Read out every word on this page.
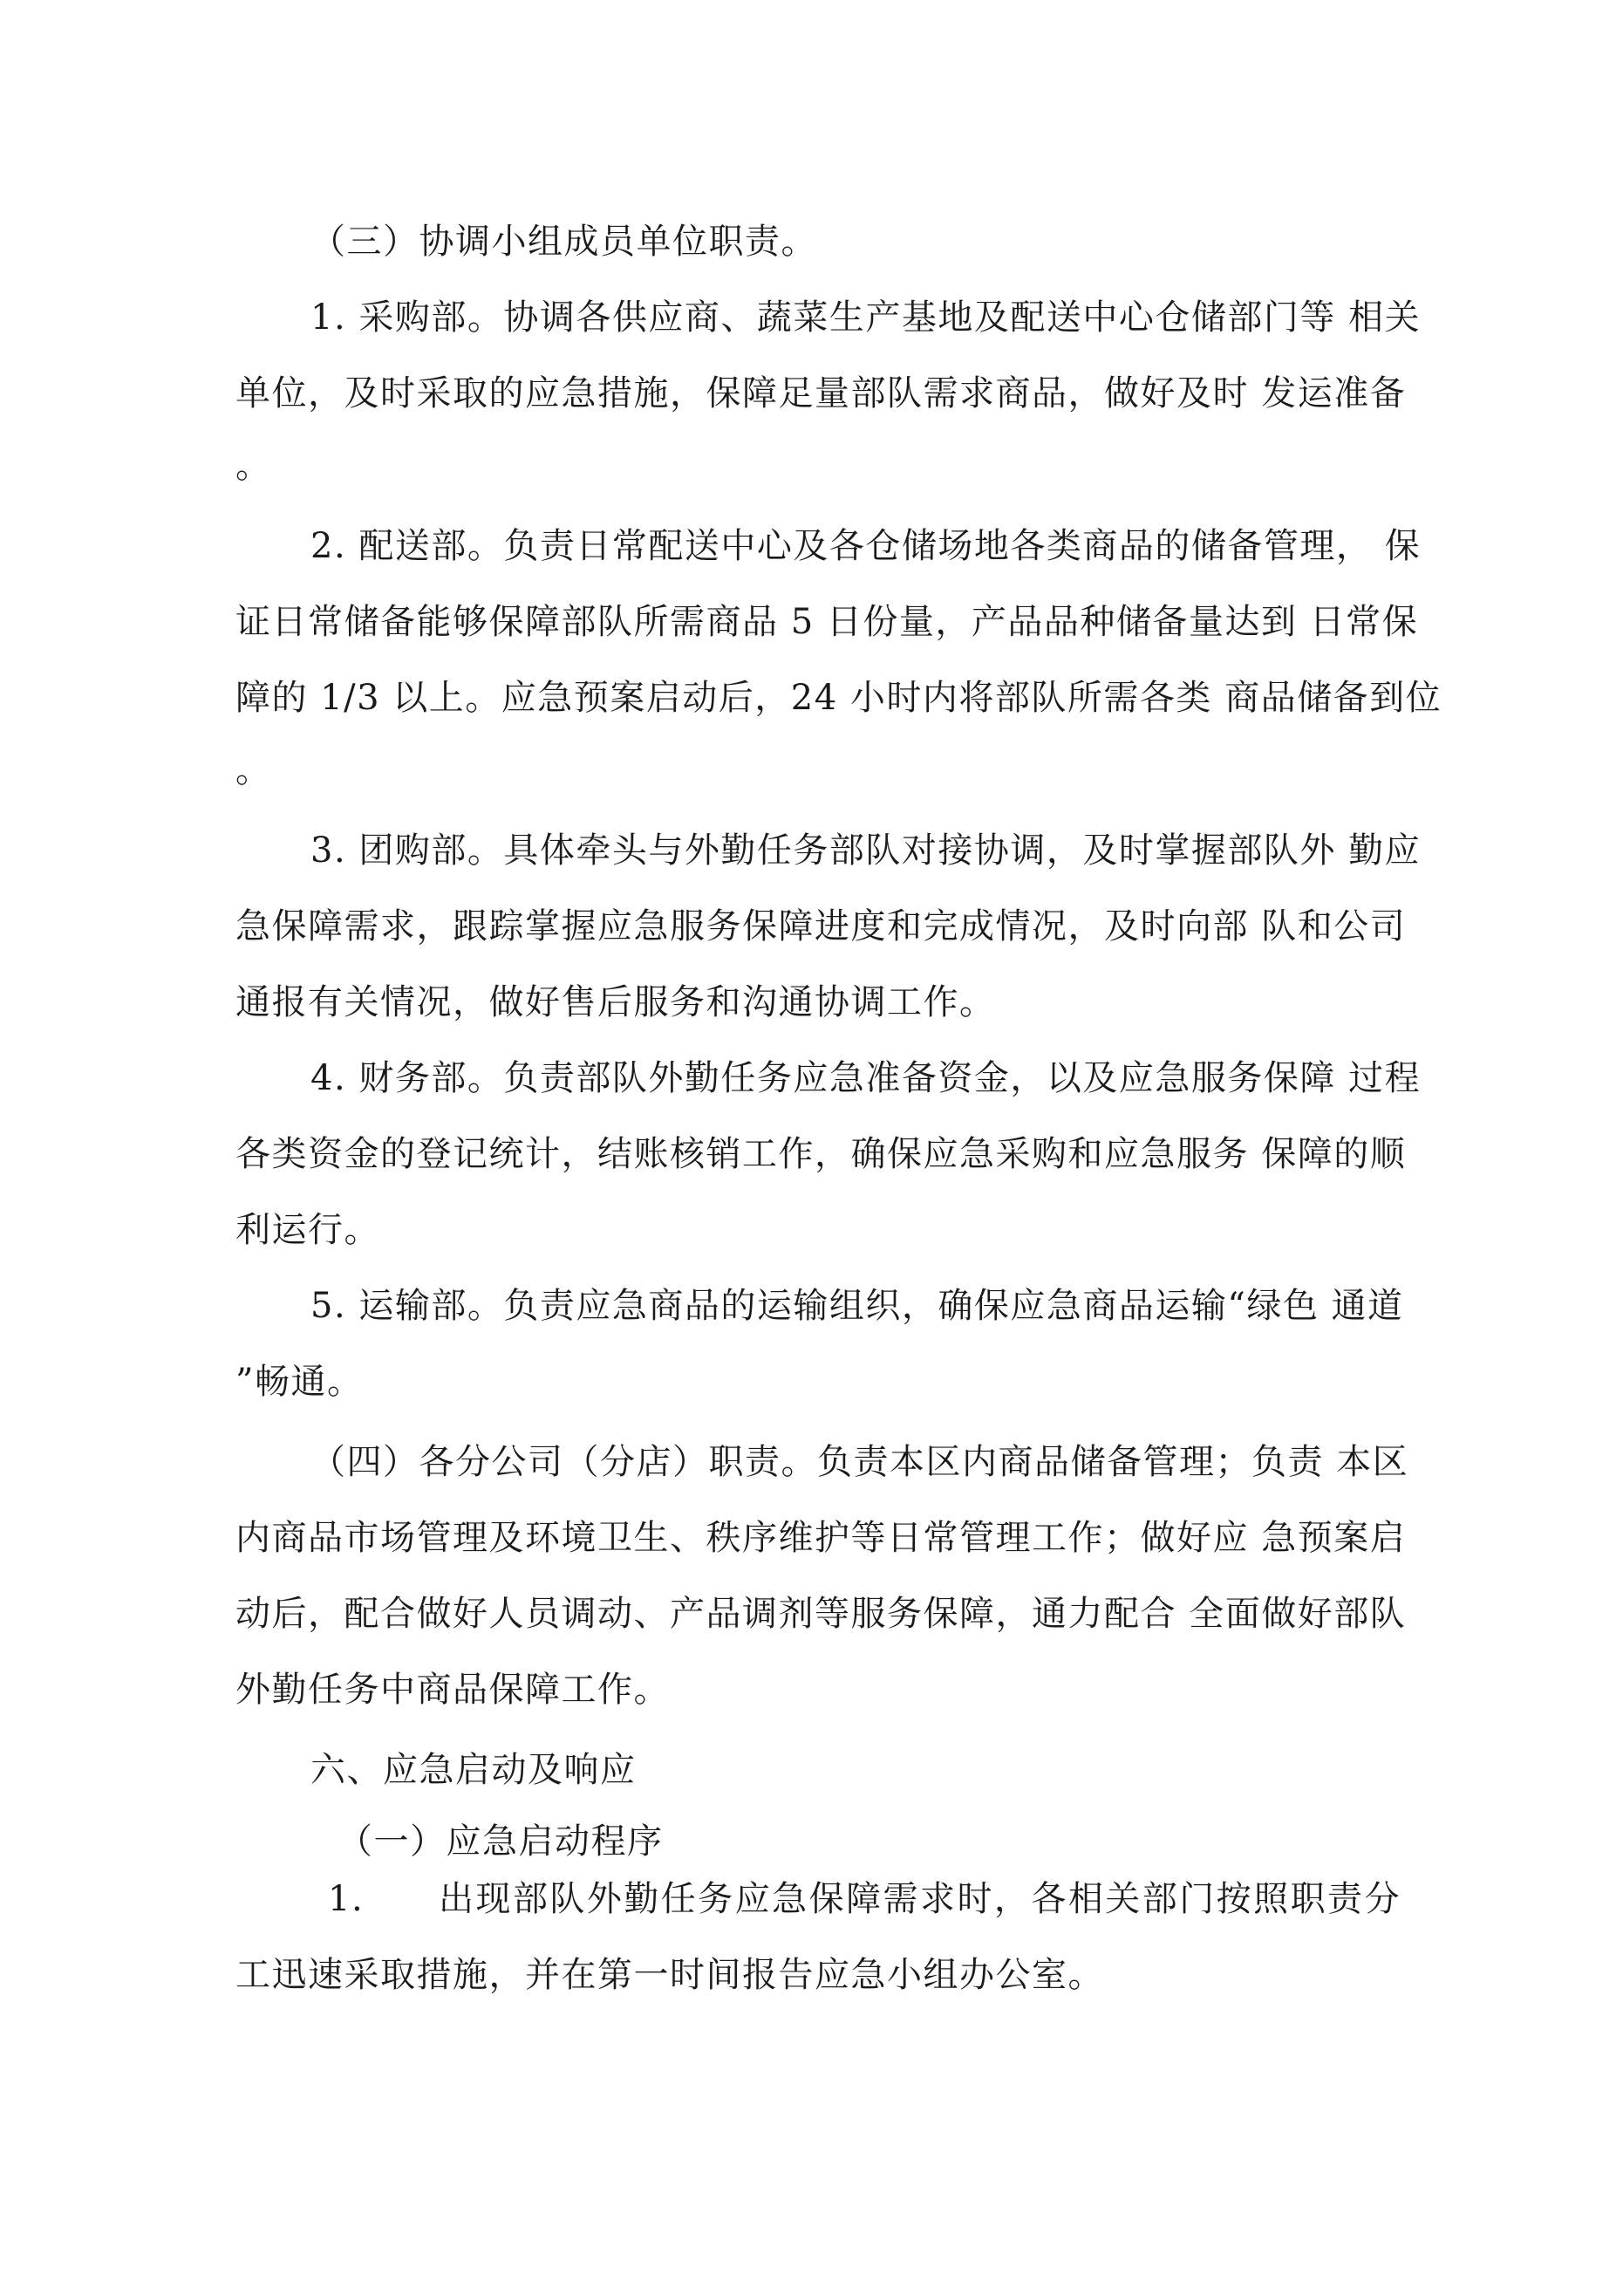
（三）协调小组成员单位职责。
1. 采购部。协调各供应商、蔬菜生产基地及配送中心仓储部门等 相关
单位，及时采取的应急措施，保障足量部队需求商品，做好及时 发运准备
。
2. 配送部。负责日常配送中心及各仓储场地各类商品的储备管理， 保
证日常储备能够保障部队所需商品 5 日份量，产品品种储备量达到 日常保
障的 1/3 以上。应急预案启动后，24 小时内将部队所需各类 商品储备到位
。
3. 团购部。具体牵头与外勤任务部队对接协调，及时掌握部队外 勤应
急保障需求，跟踪掌握应急服务保障进度和完成情况，及时向部 队和公司
通报有关情况，做好售后服务和沟通协调工作。
4. 财务部。负责部队外勤任务应急准备资金，以及应急服务保障 过程
各类资金的登记统计，结账核销工作，确保应急采购和应急服务 保障的顺
利运行。
5. 运输部。负责应急商品的运输组织，确保应急商品运输“绿色 通道
”畅通。
（四）各分公司（分店）职责。负责本区内商品储备管理；负责 本区
内商品市场管理及环境卫生、秩序维护等日常管理工作；做好应 急预案启
动后，配合做好人员调动、产品调剂等服务保障，通力配合 全面做好部队
外勤任务中商品保障工作。
六、应急启动及响应
（一）应急启动程序
1.　　出现部队外勤任务应急保障需求时，各相关部门按照职责分
工迅速采取措施，并在第一时间报告应急小组办公室。
